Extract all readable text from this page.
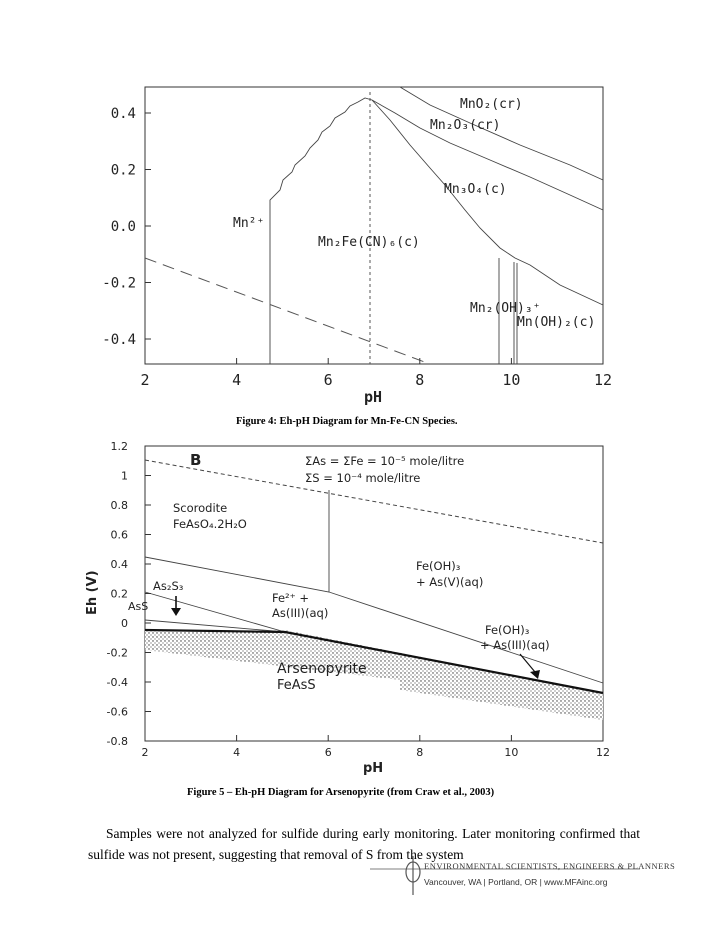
0.4
0.2
0.0
-0.2
-0.4
2	4	6	8	10	12
MnO₂(cr)
Mn₂O₃(cr)
Mn₃O₄(c)
Mn²⁺
Mn₂Fe(CN)₆(c)
Mn₂(OH)₃⁺
Mn(OH)₂(c)
pH
1.2
1
0.8
0.6
0.4
0.2
0
-0.2
-0.4
-0.6
-0.8
2	4	6	8	10	12
B	ΣAs = ΣFe = 10⁻⁵ mole/litre
ΣS = 10⁻⁴ mole/litre
Scorodite
FeAsO₄.2H₂O
Fe(OH)₃
+ As(V)(aq)
As₂S₃
AsS
Fe²⁺ +
As(III)(aq)
Fe(OH)₃
+ As(III)(aq)
Arsenopyrite
FeAsS
pH
Eh (V)
Figure 4: Eh-pH Diagram for Mn-Fe-CN Species.
Figure 5 – Eh-pH Diagram for Arsenopyrite (from Craw et al., 2003)

Samples were not analyzed for sulfide during early monitoring. Later monitoring confirmed that sulfide was not present, suggesting that removal of S from the system

ENVIRONMENTAL SCIENTISTS, ENGINEERS & PLANNERS
Vancouver, WA | Portland, OR | www.MFAinc.org
